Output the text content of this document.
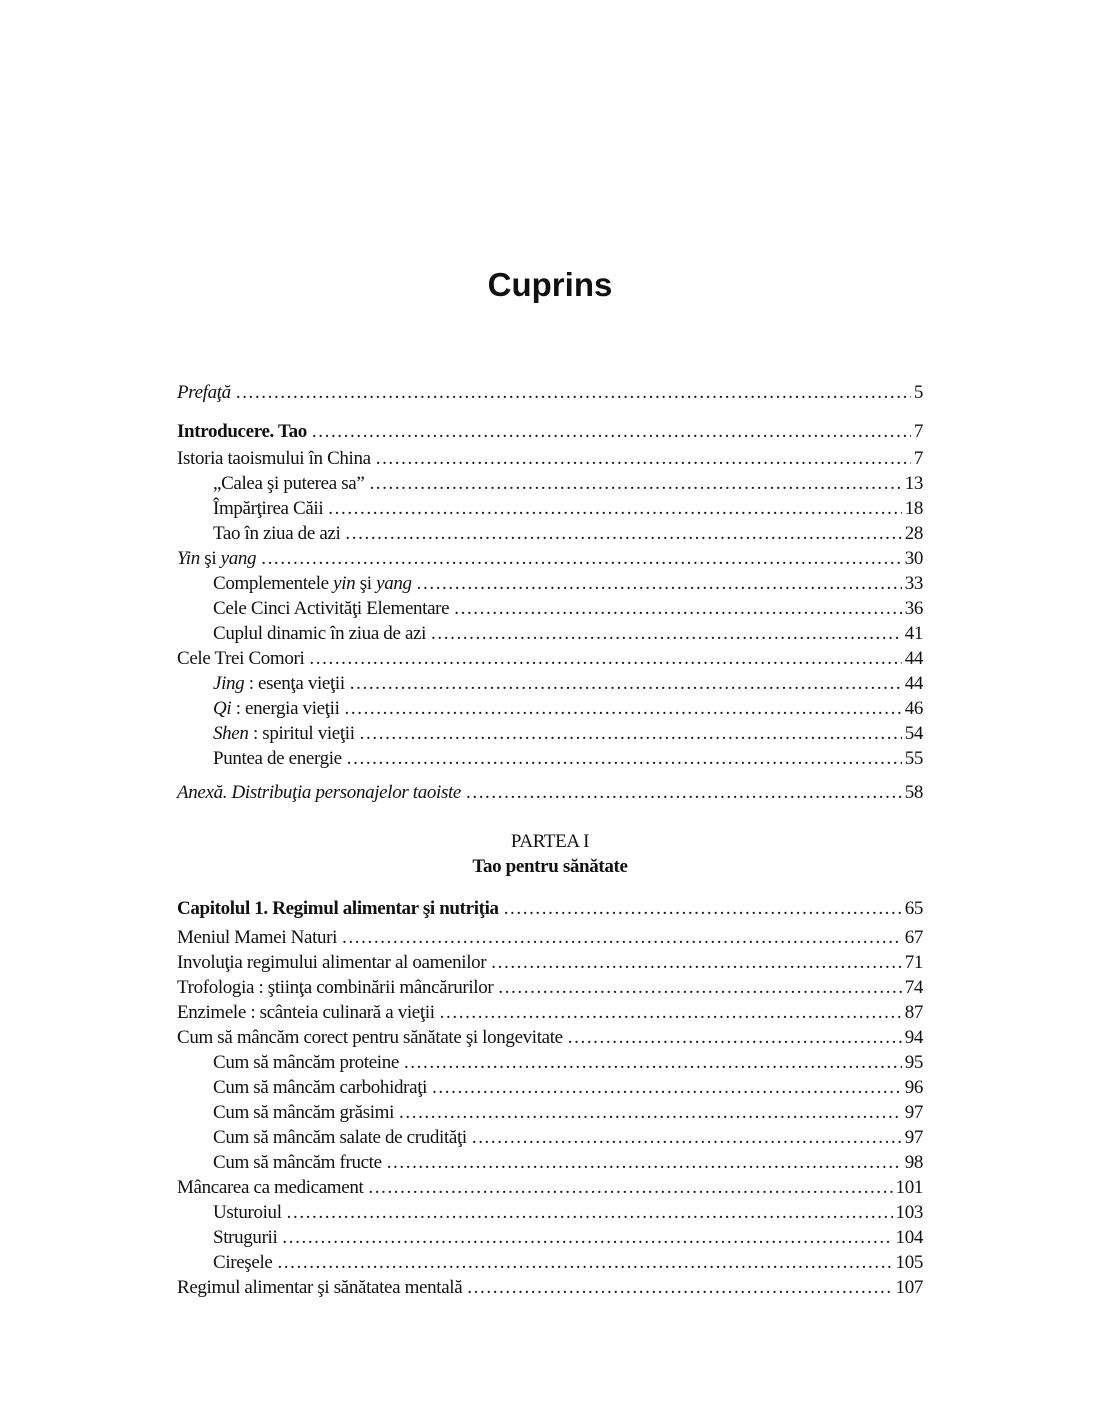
Cuprins
Prefaţă .....	5
Introducere. Tao .....	7
Istoria taoismului în China .....	7
„Calea şi puterea sa” .....	13
Împărţirea Căii .....	18
Tao în ziua de azi .....	28
Yin şi yang .....	30
Complementele yin şi yang .....	33
Cele Cinci Activităţi Elementare .....	36
Cuplul dinamic în ziua de azi .....	41
Cele Trei Comori .....	44
Jing : esenţa vieţii .....	44
Qi : energia vieţii .....	46
Shen : spiritul vieţii .....	54
Puntea de energie .....	55
Anexă. Distribuţia personajelor taoiste .....	58
PARTEA I
Tao pentru sănătate
Capitolul 1. Regimul alimentar şi nutriţia .....	65
Meniul Mamei Naturi .....	67
Involuţia regimului alimentar al oamenilor .....	71
Trofologia : ştiinţa combinării mâncărurilor .....	74
Enzimele : scânteia culinară a vieţii .....	87
Cum să mâncăm corect pentru sănătate şi longevitate .....	94
Cum să mâncăm proteine .....	95
Cum să mâncăm carbohidraţi .....	96
Cum să mâncăm grăsimi .....	97
Cum să mâncăm salate de crudităţi .....	97
Cum să mâncăm fructe .....	98
Mâncarea ca medicament .....	101
Usturoiul .....	103
Strugurii .....	104
Cireşele .....	105
Regimul alimentar şi sănătatea mentală .....	107
